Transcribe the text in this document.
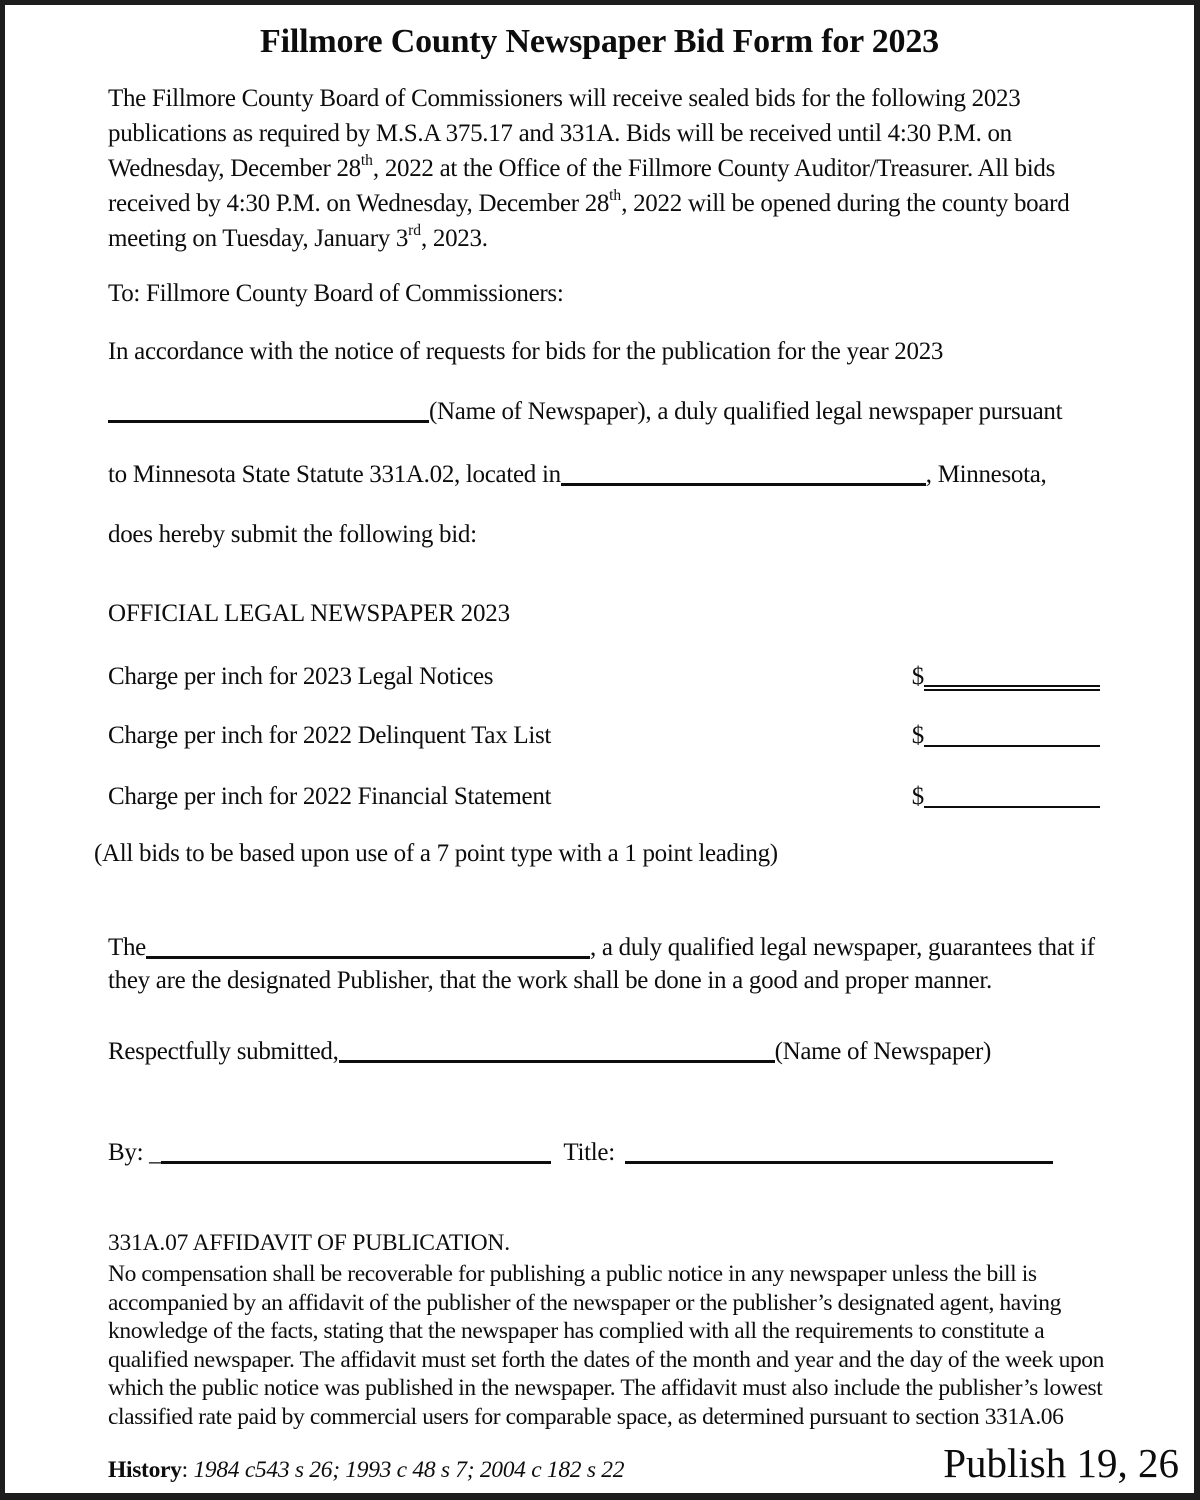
Fillmore County Newspaper Bid Form for 2023

The Fillmore County Board of Commissioners will receive sealed bids for the following 2023 publications as required by M.S.A 375.17 and 331A. Bids will be received until 4:30 P.M. on Wednesday, December 28th, 2022 at the Office of the Fillmore County Auditor/Treasurer. All bids received by 4:30 P.M. on Wednesday, December 28th, 2022 will be opened during the county board meeting on Tuesday, January 3rd, 2023.

To: Fillmore County Board of Commissioners:
In accordance with the notice of requests for bids for the publication for the year 2023
(Name of Newspaper), a duly qualified legal newspaper pursuant
to Minnesota State Statute 331A.02, located in	, Minnesota,
does hereby submit the following bid:
OFFICIAL LEGAL NEWSPAPER 2023
Charge per inch for 2023 Legal Notices	$
Charge per inch for 2022 Delinquent Tax List	$
Charge per inch for 2022 Financial Statement	$
(All bids to be based upon use of a 7 point type with a 1 point leading)

The	, a duly qualified legal newspaper, guarantees that if they are the designated Publisher, that the work shall be done in a good and proper manner.

Respectfully submitted,	(Name of Newspaper)
By: _	Title:
331A.07 AFFIDAVIT OF PUBLICATION.

No compensation shall be recoverable for publishing a public notice in any newspaper unless the bill is accompanied by an affidavit of the publisher of the newspaper or the publisher’s designated agent, having knowledge of the facts, stating that the newspaper has complied with all the requirements to constitute a qualified newspaper. The affidavit must set forth the dates of the month and year and the day of the week upon which the public notice was published in the newspaper. The affidavit must also include the publisher’s lowest classified rate paid by commercial users for comparable space, as determined pursuant to section 331A.06

History: 1984 c543 s 26; 1993 c 48 s 7; 2004 c 182 s 22	Publish 19, 26
